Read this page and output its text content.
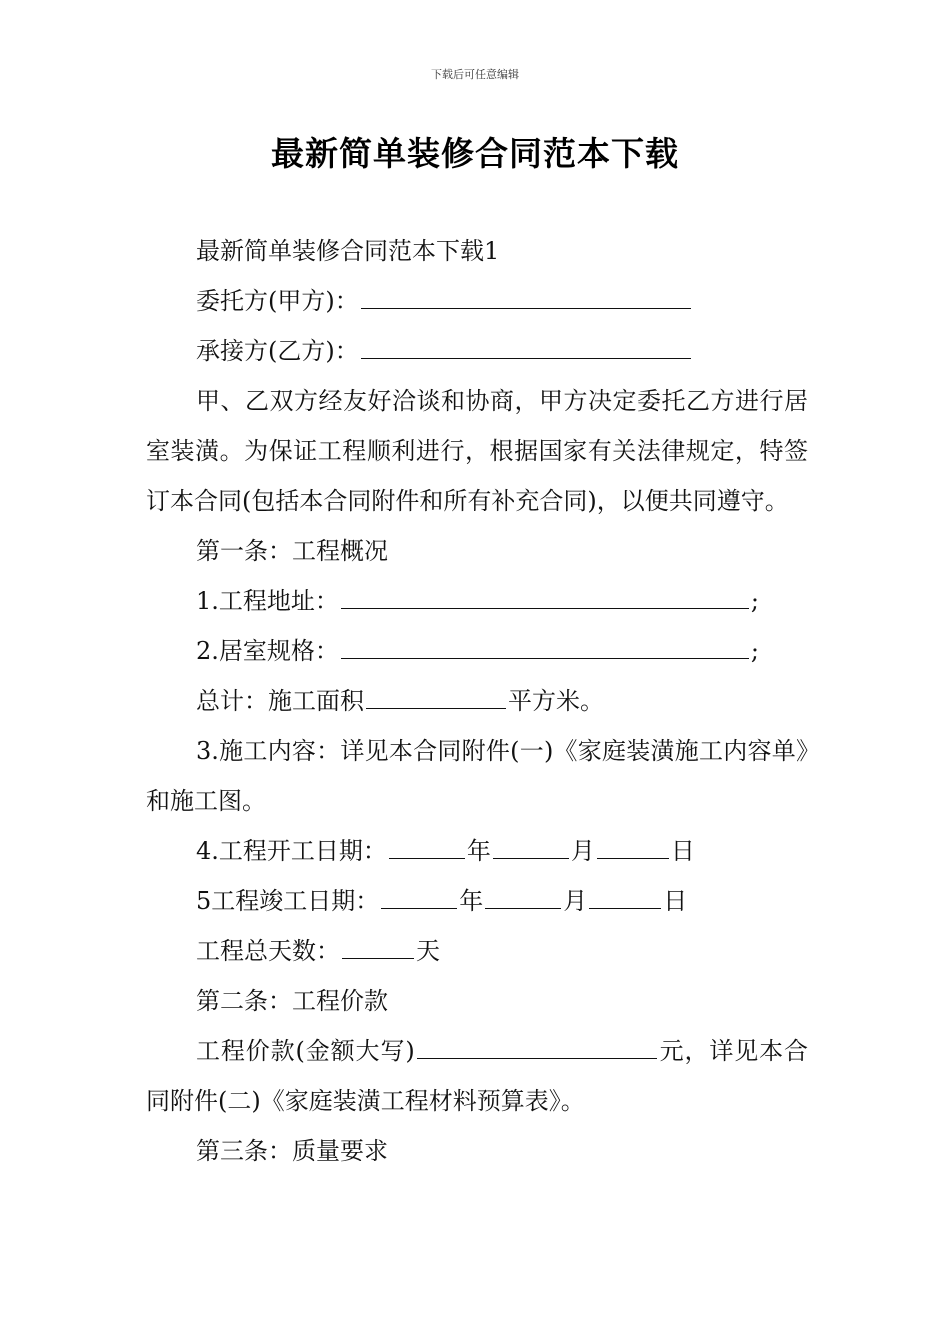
下载后可任意编辑
最新简单装修合同范本下载

最新简单装修合同范本下载1

委托方(甲方)：

承接方(乙方)：

甲、乙双方经友好洽谈和协商，甲方决定委托乙方进行居室装潢。为保证工程顺利进行，根据国家有关法律规定，特签订本合同(包括本合同附件和所有补充合同)，以便共同遵守。

第一条：工程概况

1.工程地址：	;

2.居室规格：	;

总计：施工面积	平方米。

3.施工内容：详见本合同附件(一)《家庭装潢施工内容单》和施工图。

4.工程开工日期：	年	月	日

5工程竣工日期：	年	月	日

工程总天数：	天

第二条：工程价款

工程价款(金额大写)	元，详见本合同附件(二)《家庭装潢工程材料预算表》。

第三条：质量要求
